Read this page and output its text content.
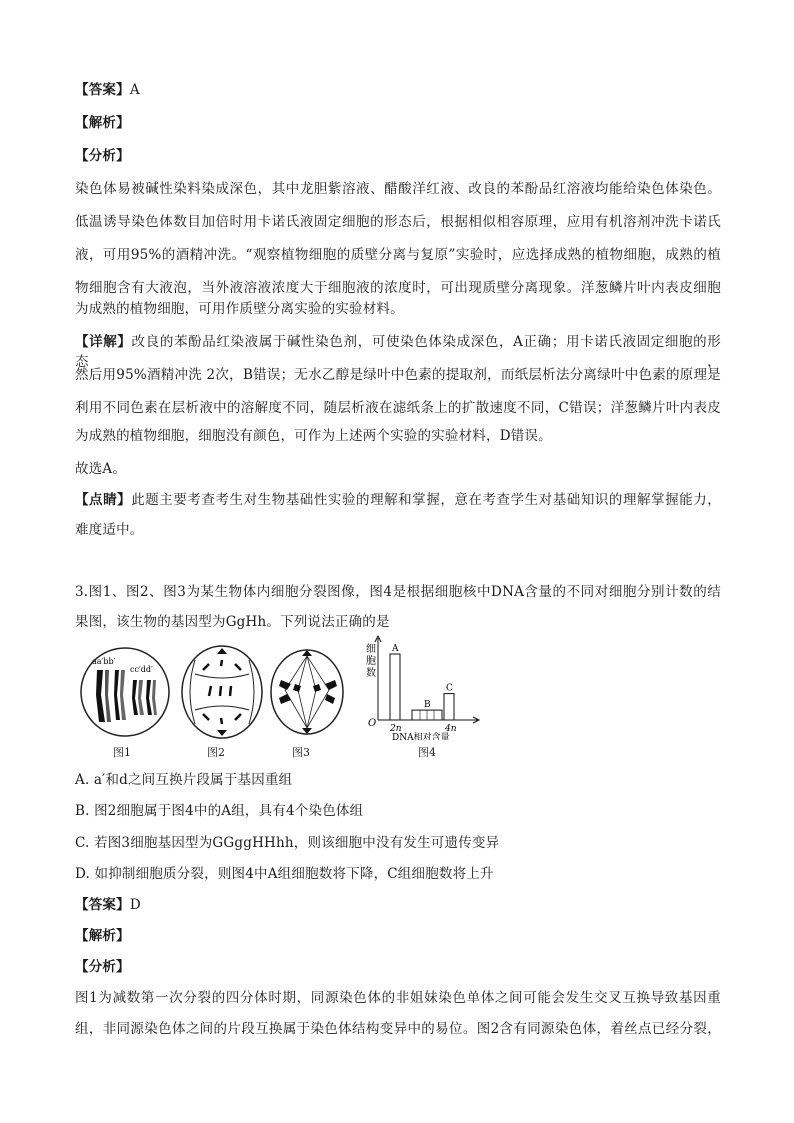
【答案】A
【解析】
【分析】
染色体易被碱性染料染成深色，其中龙胆紫溶液、醋酸洋红液、改良的苯酚品红溶液均能给染色体染色。
低温诱导染色体数目加倍时用卡诺氏液固定细胞的形态后，根据相似相容原理，应用有机溶剂冲洗卡诺氏
液，可用95%的酒精冲洗。“观察植物细胞的质壁分离与复原”实验时，应选择成熟的植物细胞，成熟的植
物细胞含有大液泡，当外液溶液浓度大于细胞液的浓度时，可出现质壁分离现象。洋葱鳞片叶内表皮细胞
为成熟的植物细胞，可用作质壁分离实验的实验材料。
【详解】改良的苯酚品红染液属于碱性染色剂，可使染色体染成深色，A正确；用卡诺氏液固定细胞的形态，
然后用95%酒精冲洗 2次，B错误；无水乙醇是绿叶中色素的提取剂，而纸层析法分离绿叶中色素的原理是
利用不同色素在层析液中的溶解度不同，随层析液在滤纸条上的扩散速度不同，C错误；洋葱鳞片叶内表皮
为成熟的植物细胞，细胞没有颜色，可作为上述两个实验的实验材料，D错误。
故选A。
【点睛】此题主要考查考生对生物基础性实验的理解和掌握，意在考查学生对基础知识的理解掌握能力，
难度适中。
3.图1、图2、图3为某生物体内细胞分裂图像，图4是根据细胞核中DNA含量的不同对细胞分别计数的结
果图，该生物的基因型为GgHh。下列说法正确的是
A. a′和d之间互换片段属于基因重组
B. 图2细胞属于图4中的A组，具有4个染色体组
C. 若图3细胞基因型为GGggHHhh，则该细胞中没有发生可遗传变异
D. 如抑制细胞质分裂，则图4中A组细胞数将下降，C组细胞数将上升
【答案】D
【解析】
【分析】
图1为减数第一次分裂的四分体时期，同源染色体的非姐妹染色单体之间可能会发生交叉互换导致基因重
组，非同源染色体之间的片段互换属于染色体结构变异中的易位。图2含有同源染色体，着丝点已经分裂，
aa′bb′
cc′dd′
图1	图2	图3
细
胞
数
O
A
B
C
2n	4n
DNA相对含量
图4
